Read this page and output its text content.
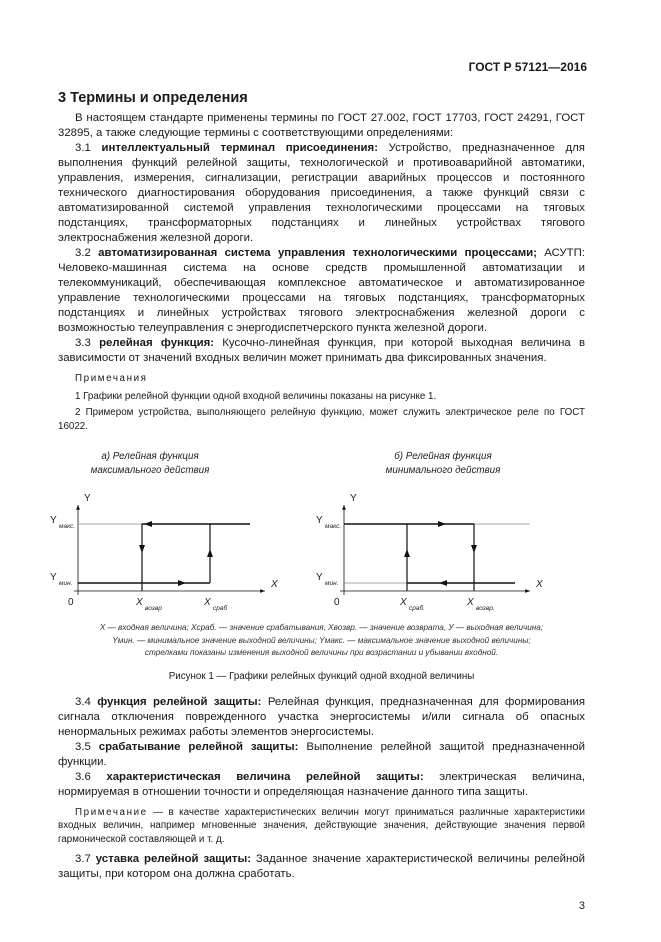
ГОСТ Р 57121—2016
3 Термины и определения

В настоящем стандарте применены термины по ГОСТ 27.002, ГОСТ 17703, ГОСТ 24291, ГОСТ 32895, а также следующие термины с соответствующими определениями:

3.1 интеллектуальный терминал присоединения: Устройство, предназначенное для выполнения функций релейной защиты, технологической и противоаварийной автоматики, управления, измерения, сигнализации, регистрации аварийных процессов и постоянного технического диагностирования оборудования присоединения, а также функций связи с автоматизированной системой управления технологическими процессами на тяговых подстанциях, трансформаторных подстанциях и линейных устройствах тягового электроснабжения железной дороги.

3.2 автоматизированная система управления технологическими процессами; АСУТП: Человеко-машинная система на основе средств промышленной автоматизации и телекоммуникаций, обеспечивающая комплексное автоматическое и автоматизированное управление технологическими процессами на тяговых подстанциях, трансформаторных подстанциях и линейных устройствах тягового электроснабжения железной дороги с возможностью телеуправления с энергодиспетчерского пункта железной дороги.

3.3 релейная функция: Кусочно-линейная функция, при которой выходная величина в зависимости от значений входных величин может принимать два фиксированных значения.

Примечания

1 Графики релейной функции одной входной величины показаны на рисунке 1.

2 Примером устройства, выполняющего релейную функцию, может служить электрическое реле по ГОСТ 16022.

а) Релейная функция
максимального действия
б) Релейная функция
минимального действия
Y
X
0
Y
макс.
Y
мин.
X
возвр
X
сраб
Y
X
0
Y
макс.
Y
мин.
X
сраб.
X
возвр.
X — входная величина; Xсраб. — значение срабатывания, Xвозвр. — значение возврата, У — выходная величина;
Yмин. — минимальное значение выходной величины; Yмакс. — максимальное значение выходной величины;
стрелками показаны изменения выходной величины при возрастании и убывании входной.
Рисунок 1 — Графики релейных функций одной входной величины

3.4 функция релейной защиты: Релейная функция, предназначенная для формирования сигнала отключения поврежденного участка энергосистемы и/или сигнала об опасных ненормальных режимах работы элементов энергосистемы.

3.5 срабатывание релейной защиты: Выполнение релейной защитой предназначенной функции.

3.6 характеристическая величина релейной защиты: электрическая величина, нормируемая в отношении точности и определяющая назначение данного типа защиты.

Примечание — в качестве характеристических величин могут приниматься различные характеристики входных величин, например мгновенные значения, действующие значения, действующие значения первой гармонической составляющей и т. д.

3.7 уставка релейной защиты: Заданное значение характеристической величины релейной защиты, при котором она должна сработать.

3
